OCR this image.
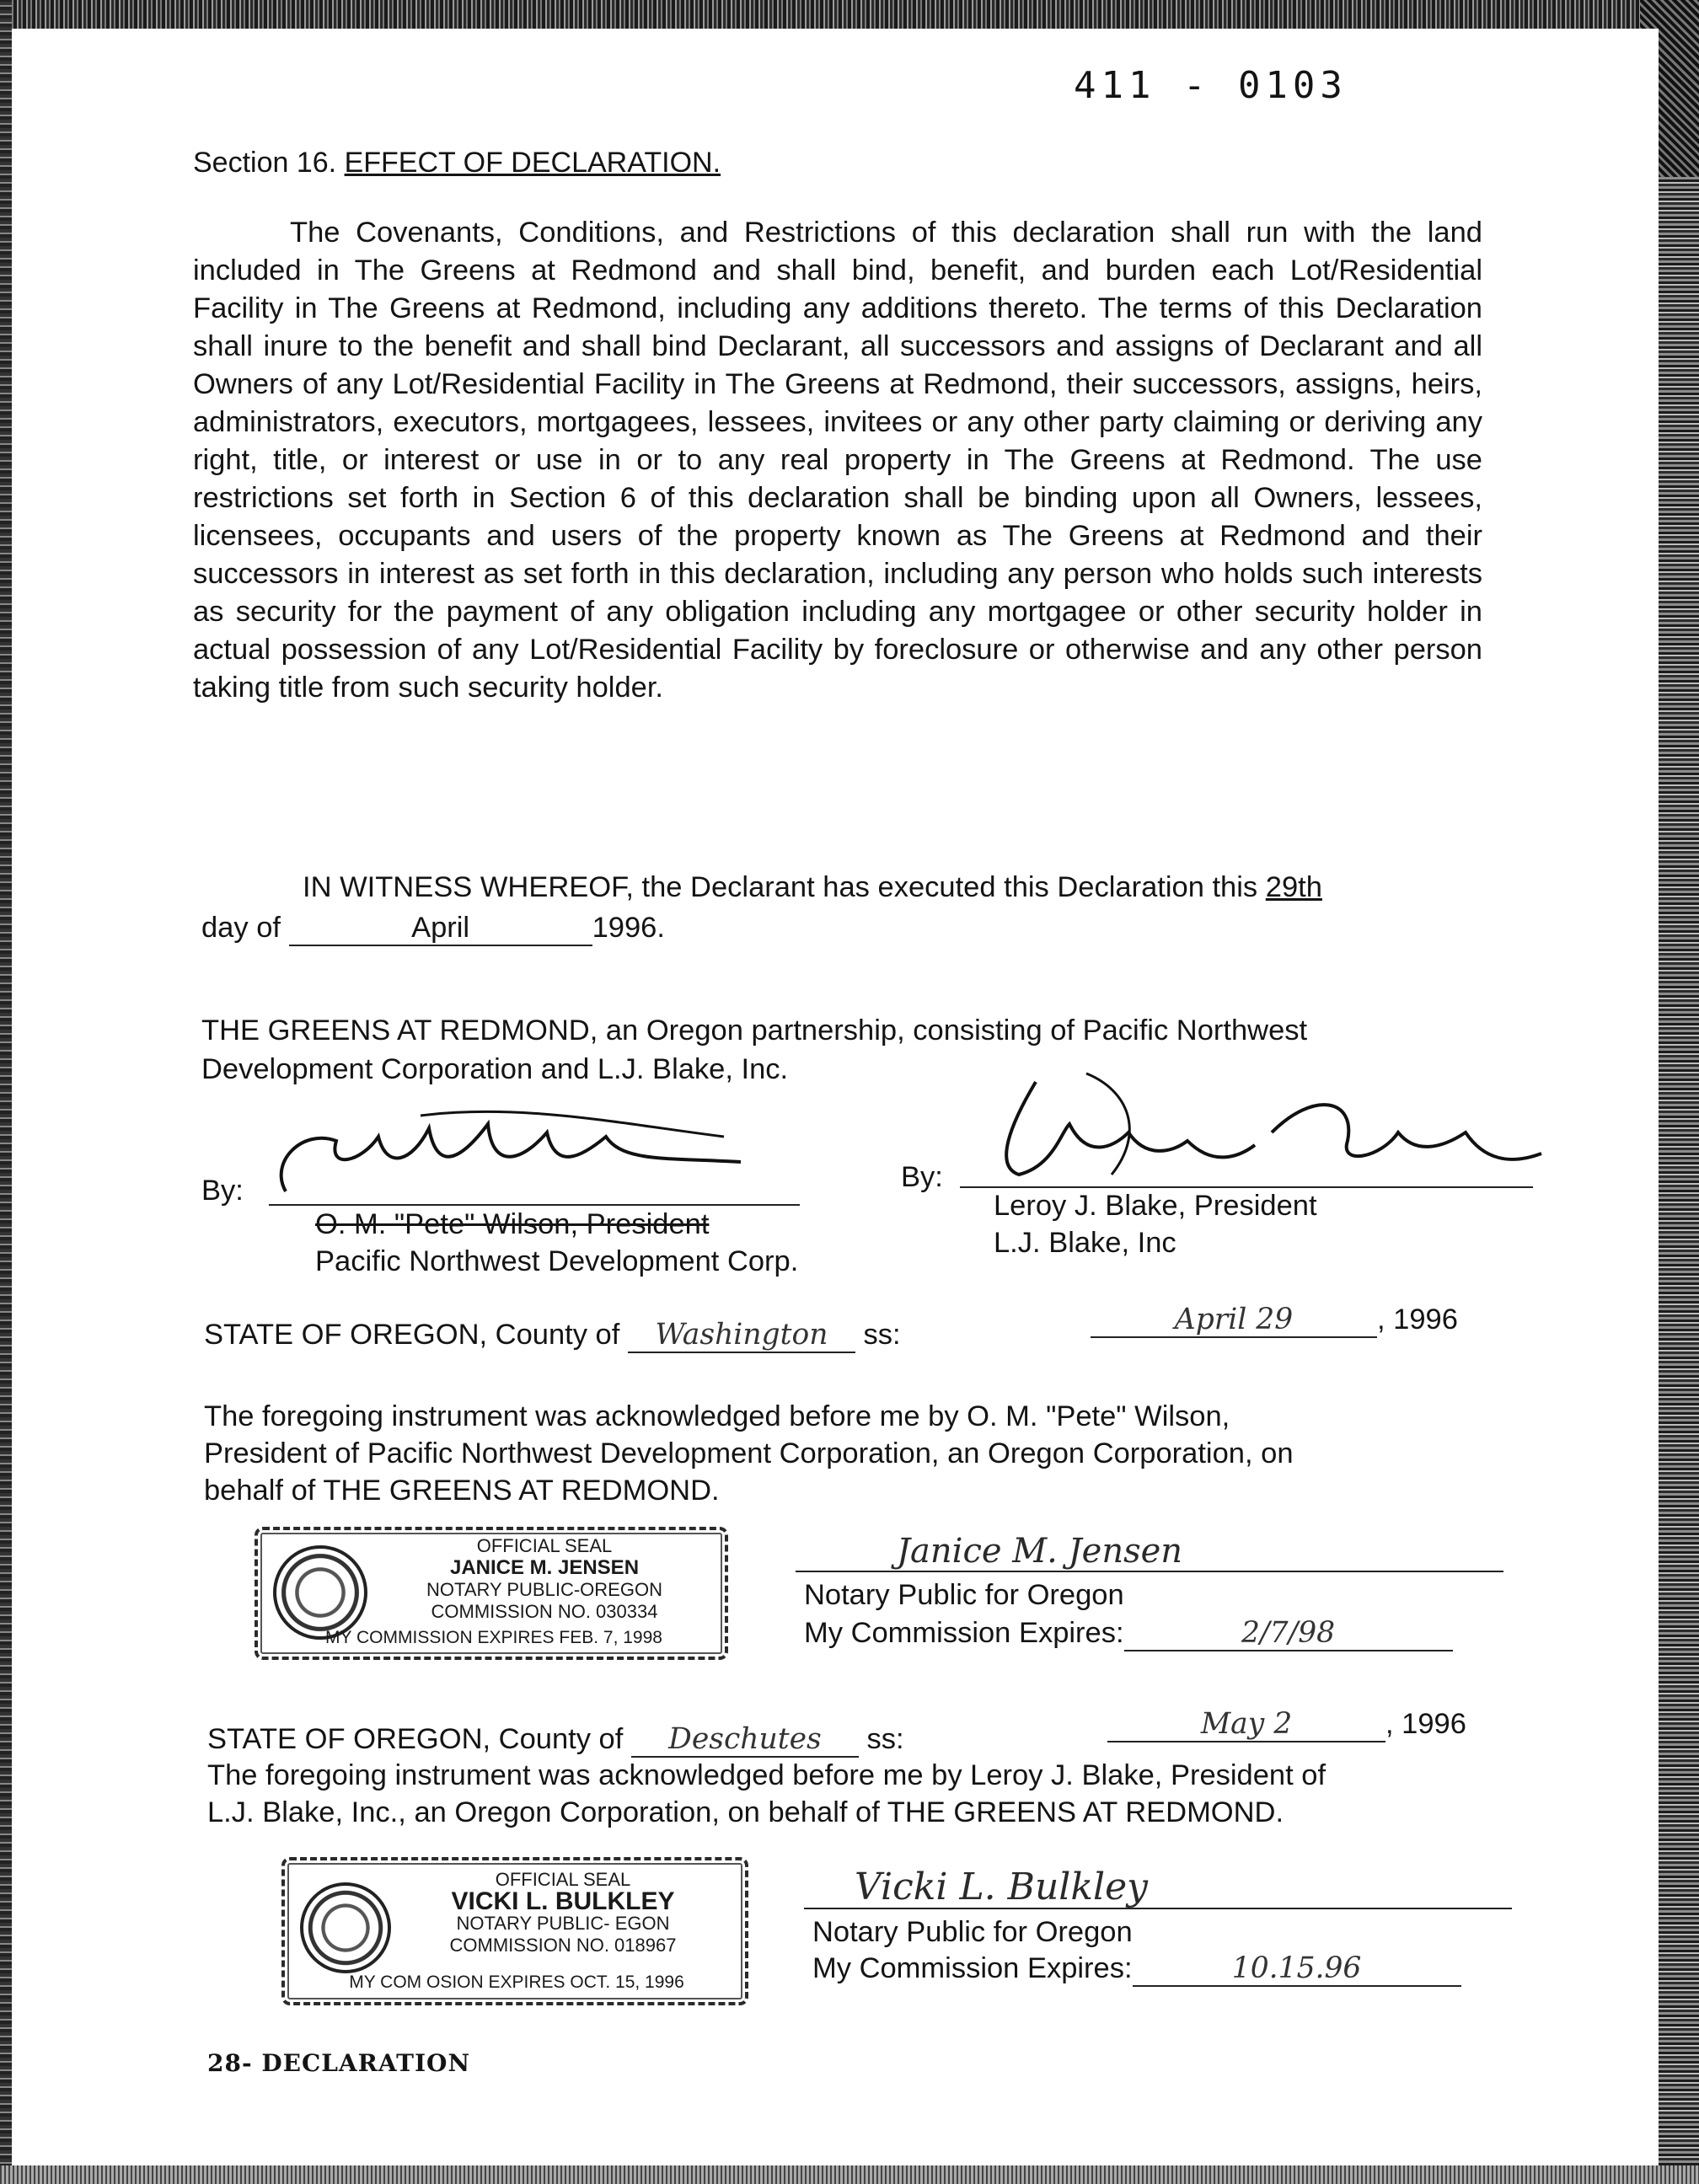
411 - 0103
Section 16. EFFECT OF DECLARATION.

The Covenants, Conditions, and Restrictions of this declaration shall run with the land included in The Greens at Redmond and shall bind, benefit, and burden each Lot/Residential Facility in The Greens at Redmond, including any additions thereto. The terms of this Declaration shall inure to the benefit and shall bind Declarant, all successors and assigns of Declarant and all Owners of any Lot/Residential Facility in The Greens at Redmond, their successors, assigns, heirs, administrators, executors, mortgagees, lessees, invitees or any other party claiming or deriving any right, title, or interest or use in or to any real property in The Greens at Redmond. The use restrictions set forth in Section 6 of this declaration shall be binding upon all Owners, lessees, licensees, occupants and users of the property known as The Greens at Redmond and their successors in interest as set forth in this declaration, including any person who holds such interests as security for the payment of any obligation including any mortgagee or other security holder in actual possession of any Lot/Residential Facility by foreclosure or otherwise and any other person taking title from such security holder.

IN WITNESS WHEREOF, the Declarant has executed this Declaration this 29th
day of	April	1996.
THE GREENS AT REDMOND, an Oregon partnership, consisting of Pacific Northwest
Development Corporation and L.J. Blake, Inc.
By:
O. M. "Pete" Wilson, President
Pacific Northwest Development Corp.
By:
Leroy J. Blake, President
L.J. Blake, Inc
STATE OF OREGON, County of Washington ss:	April 29	, 1996
The foregoing instrument was acknowledged before me by O. M. "Pete" Wilson,
President of Pacific Northwest Development Corporation, an Oregon Corporation, on
behalf of THE GREENS AT REDMOND.
OFFICIAL SEAL
JANICE M. JENSEN
NOTARY PUBLIC-OREGON
COMMISSION NO. 030334
MY COMMISSION EXPIRES FEB. 7, 1998
Janice M. Jensen
Notary Public for Oregon
My Commission Expires:	2/7/98
STATE OF OREGON, County of Deschutes ss:	May 2	, 1996
The foregoing instrument was acknowledged before me by Leroy J. Blake, President of
L.J. Blake, Inc., an Oregon Corporation, on behalf of THE GREENS AT REDMOND.
OFFICIAL SEAL
VICKI L. BULKLEY
NOTARY PUBLIC- EGON
COMMISSION NO. 018967
MY COM OSION EXPIRES OCT. 15, 1996
Vicki L. Bulkley
Notary Public for Oregon
My Commission Expires:	10.15.96
28- DECLARATION
